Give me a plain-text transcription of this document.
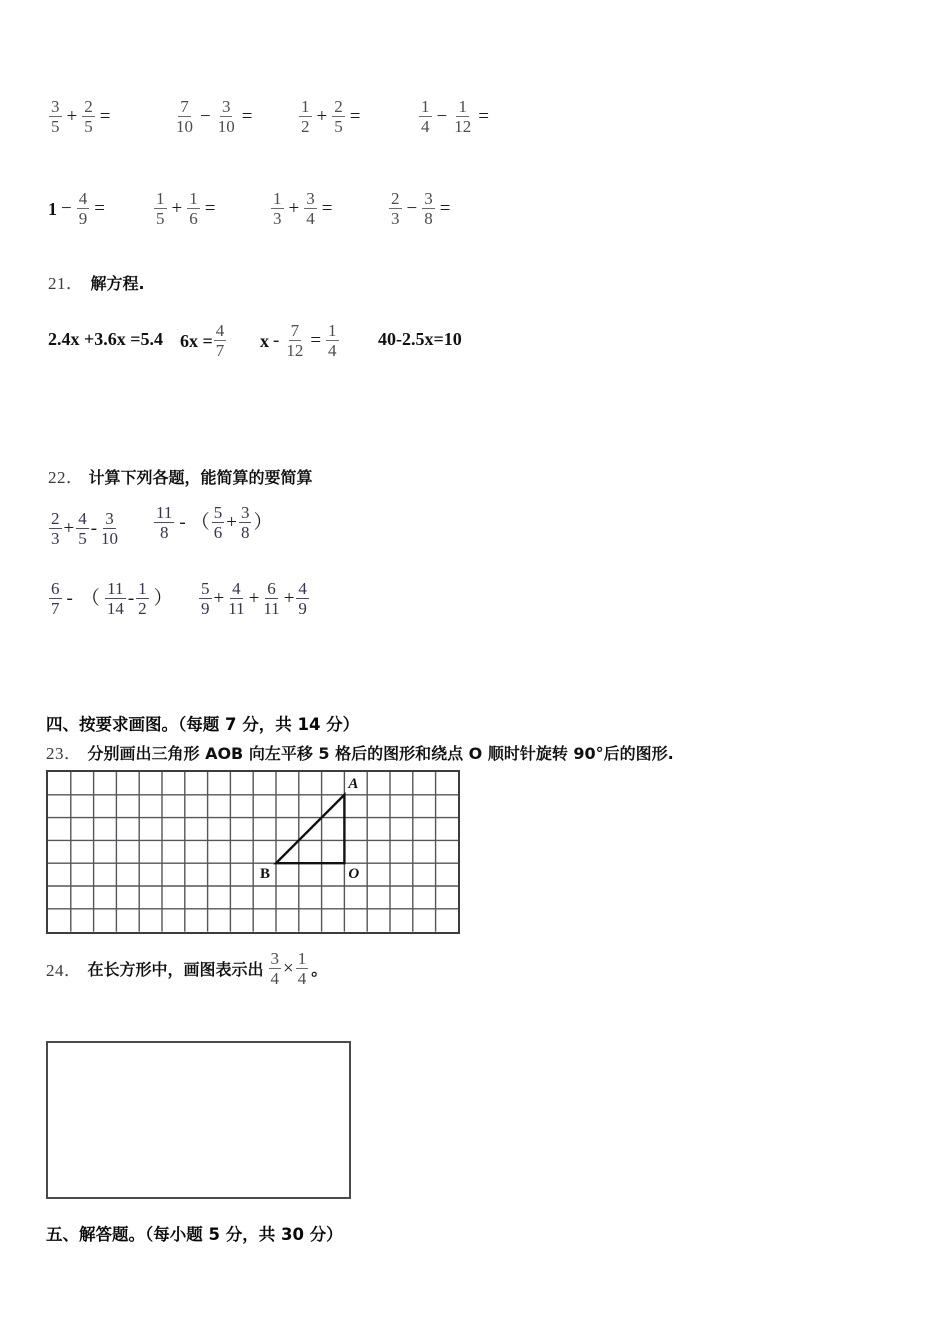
$\frac{3}{5} + \frac{2}{5}$ =	$\frac{7}{10} - \frac{3}{10}$ =	$\frac{1}{2} + \frac{2}{5}$ =	$\frac{1}{4} - \frac{1}{12}$ =
$1 - \frac{4}{9}$ =	$\frac{1}{5} + \frac{1}{6}$ =	$\frac{1}{3} + \frac{3}{4}$ =	$\frac{2}{3} - \frac{3}{8}$ =
21． 解方程.
2.4x +3.6x =5.4 $6x = \frac{4}{7}$ $x - \frac{7}{12} = \frac{1}{4} 40-2.5x=10$
22． 计算下列各题，能简算的要简算
$\frac{2}{3} + \frac{4}{5} - \frac{3}{10} \frac{11}{8}$ - （ $\frac{5}{6} + \frac{3}{8}$ ）
$\frac{6}{7}$ - （ $\frac{11}{14} - \frac{1}{2}$ ） $\frac{5}{9} + \frac{4}{11} + \frac{6}{11} + \frac{4}{9}$
四、按要求画图。（每题 7 分，共 14 分）
23． 分别画出三角形 AOB 向左平移 5 格后的图形和绕点 O 顺时针旋转 90°后的图形.
A
B	O
24． 在长方形中，画图表示出 $\frac{3}{4} \times \frac{1}{4}$ 。
五、解答题。（每小题 5 分，共 30 分）
